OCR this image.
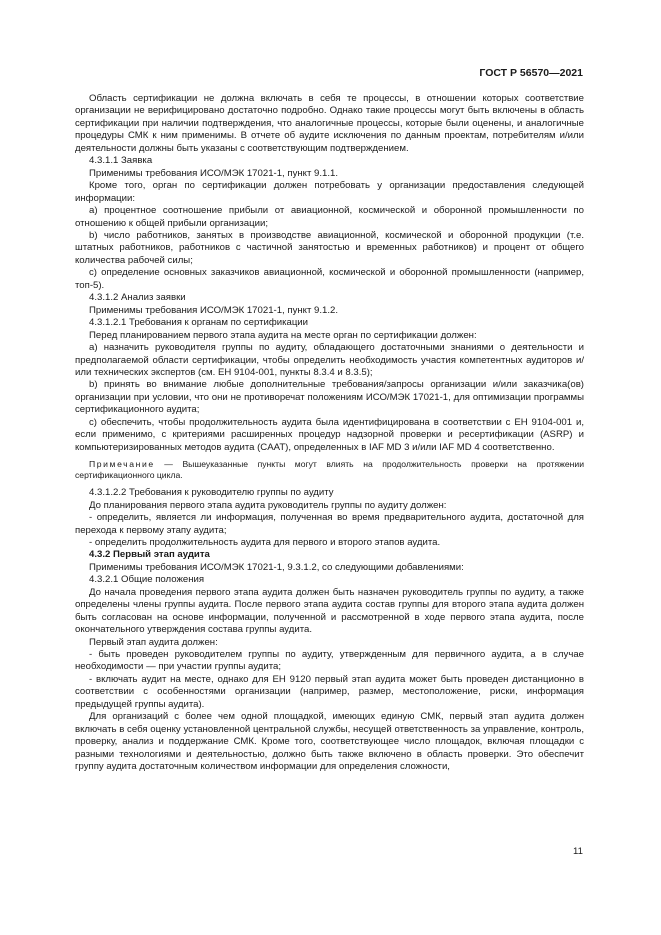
ГОСТ Р 56570—2021

Область сертификации не должна включать в себя те процессы, в отношении которых соответствие организации не верифицировано достаточно подробно. Однако такие процессы могут быть включены в область сертификации при наличии подтверждения, что аналогичные процессы, которые были оценены, и аналогичные процедуры СМК к ним применимы. В отчете об аудите исключения по данным проектам, потребителям и/или деятельности должны быть указаны с соответствующим подтверждением.

4.3.1.1 Заявка

Применимы требования ИСО/МЭК 17021-1, пункт 9.1.1.

Кроме того, орган по сертификации должен потребовать у организации предоставления следующей информации:

a) процентное соотношение прибыли от авиационной, космической и оборонной промышленности по отношению к общей прибыли организации;

b) число работников, занятых в производстве авиационной, космической и оборонной продукции (т.е. штатных работников, работников с частичной занятостью и временных работников) и процент от общего количества рабочей силы;

c) определение основных заказчиков авиационной, космической и оборонной промышленности (например, топ-5).

4.3.1.2 Анализ заявки

Применимы требования ИСО/МЭК 17021-1, пункт 9.1.2.

4.3.1.2.1 Требования к органам по сертификации

Перед планированием первого этапа аудита на месте орган по сертификации должен:

a) назначить руководителя группы по аудиту, обладающего достаточными знаниями о деятельности и предполагаемой области сертификации, чтобы определить необходимость участия компетентных аудиторов и/или технических экспертов (см. ЕН 9104-001, пункты 8.3.4 и 8.3.5);

b) принять во внимание любые дополнительные требования/запросы организации и/или заказчика(ов) организации при условии, что они не противоречат положениям ИСО/МЭК 17021-1, для оптимизации программы сертификационного аудита;

c) обеспечить, чтобы продолжительность аудита была идентифицирована в соответствии с ЕН 9104-001 и, если применимо, с критериями расширенных процедур надзорной проверки и ресертификации (ASRP) и компьютеризированных методов аудита (CAAT), определенных в IAF MD 3 и/или IAF MD 4 соответственно.

Примечание — Вышеуказанные пункты могут влиять на продолжительность проверки на протяжении сертификационного цикла.

4.3.1.2.2 Требования к руководителю группы по аудиту

До планирования первого этапа аудита руководитель группы по аудиту должен:

- определить, является ли информация, полученная во время предварительного аудита, достаточной для перехода к первому этапу аудита;

- определить продолжительность аудита для первого и второго этапов аудита.

4.3.2 Первый этап аудита

Применимы требования ИСО/МЭК 17021-1, 9.3.1.2, со следующими добавлениями:

4.3.2.1 Общие положения

До начала проведения первого этапа аудита должен быть назначен руководитель группы по аудиту, а также определены члены группы аудита. После первого этапа аудита состав группы для второго этапа аудита должен быть согласован на основе информации, полученной и рассмотренной в ходе первого этапа аудита, после окончательного утверждения состава группы аудита.

Первый этап аудита должен:

- быть проведен руководителем группы по аудиту, утвержденным для первичного аудита, а в случае необходимости — при участии группы аудита;

- включать аудит на месте, однако для ЕН 9120 первый этап аудита может быть проведен дистанционно в соответствии с особенностями организации (например, размер, местоположение, риски, информация предыдущей группы аудита).

Для организаций с более чем одной площадкой, имеющих единую СМК, первый этап аудита должен включать в себя оценку установленной центральной службы, несущей ответственность за управление, контроль, проверку, анализ и поддержание СМК. Кроме того, соответствующее число площадок, включая площадки с разными технологиями и деятельностью, должно быть также включено в область проверки. Это обеспечит группу аудита достаточным количеством информации для определения сложности,

11
